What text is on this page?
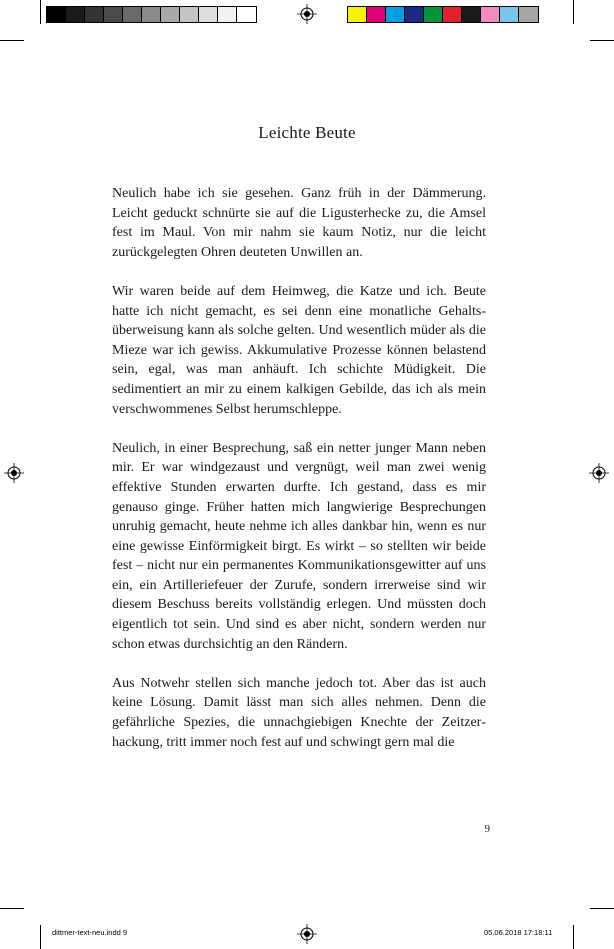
Leichte Beute

Neulich habe ich sie gesehen. Ganz früh in der Dämmerung. Leicht geduckt schnürte sie auf die Ligusterhecke zu, die Amsel fest im Maul. Von mir nahm sie kaum Notiz, nur die leicht zurückgelegten Ohren deuteten Unwillen an.

Wir waren beide auf dem Heimweg, die Katze und ich. Beute hatte ich nicht gemacht, es sei denn eine monatliche Gehaltsüberweisung kann als solche gelten. Und wesentlich müder als die Mieze war ich gewiss. Akkumulative Prozesse können belastend sein, egal, was man anhäuft. Ich schichte Müdigkeit. Die sedimentiert an mir zu einem kalkigen Gebilde, das ich als mein verschwommenes Selbst herumschleppe.

Neulich, in einer Besprechung, saß ein netter junger Mann neben mir. Er war windgezaust und vergnügt, weil man zwei wenig effektive Stunden erwarten durfte. Ich gestand, dass es mir genauso ginge. Früher hatten mich langwierige Besprechungen unruhig gemacht, heute nehme ich alles dankbar hin, wenn es nur eine gewisse Einförmigkeit birgt. Es wirkt – so stellten wir beide fest – nicht nur ein permanentes Kommunikationsgewitter auf uns ein, ein Artilleriefeuer der Zurufe, sondern irrerweise sind wir diesem Beschuss bereits vollständig erlegen. Und müssten doch eigentlich tot sein. Und sind es aber nicht, sondern werden nur schon etwas durchsichtig an den Rändern.

Aus Notwehr stellen sich manche jedoch tot. Aber das ist auch keine Lösung. Damit lässt man sich alles nehmen. Denn die gefährliche Spezies, die unnachgiebigen Knechte der Zeitzerhackung, tritt immer noch fest auf und schwingt gern mal die

9
dittmer-text-neu.indd 9	05.06.2018 17:18:11
